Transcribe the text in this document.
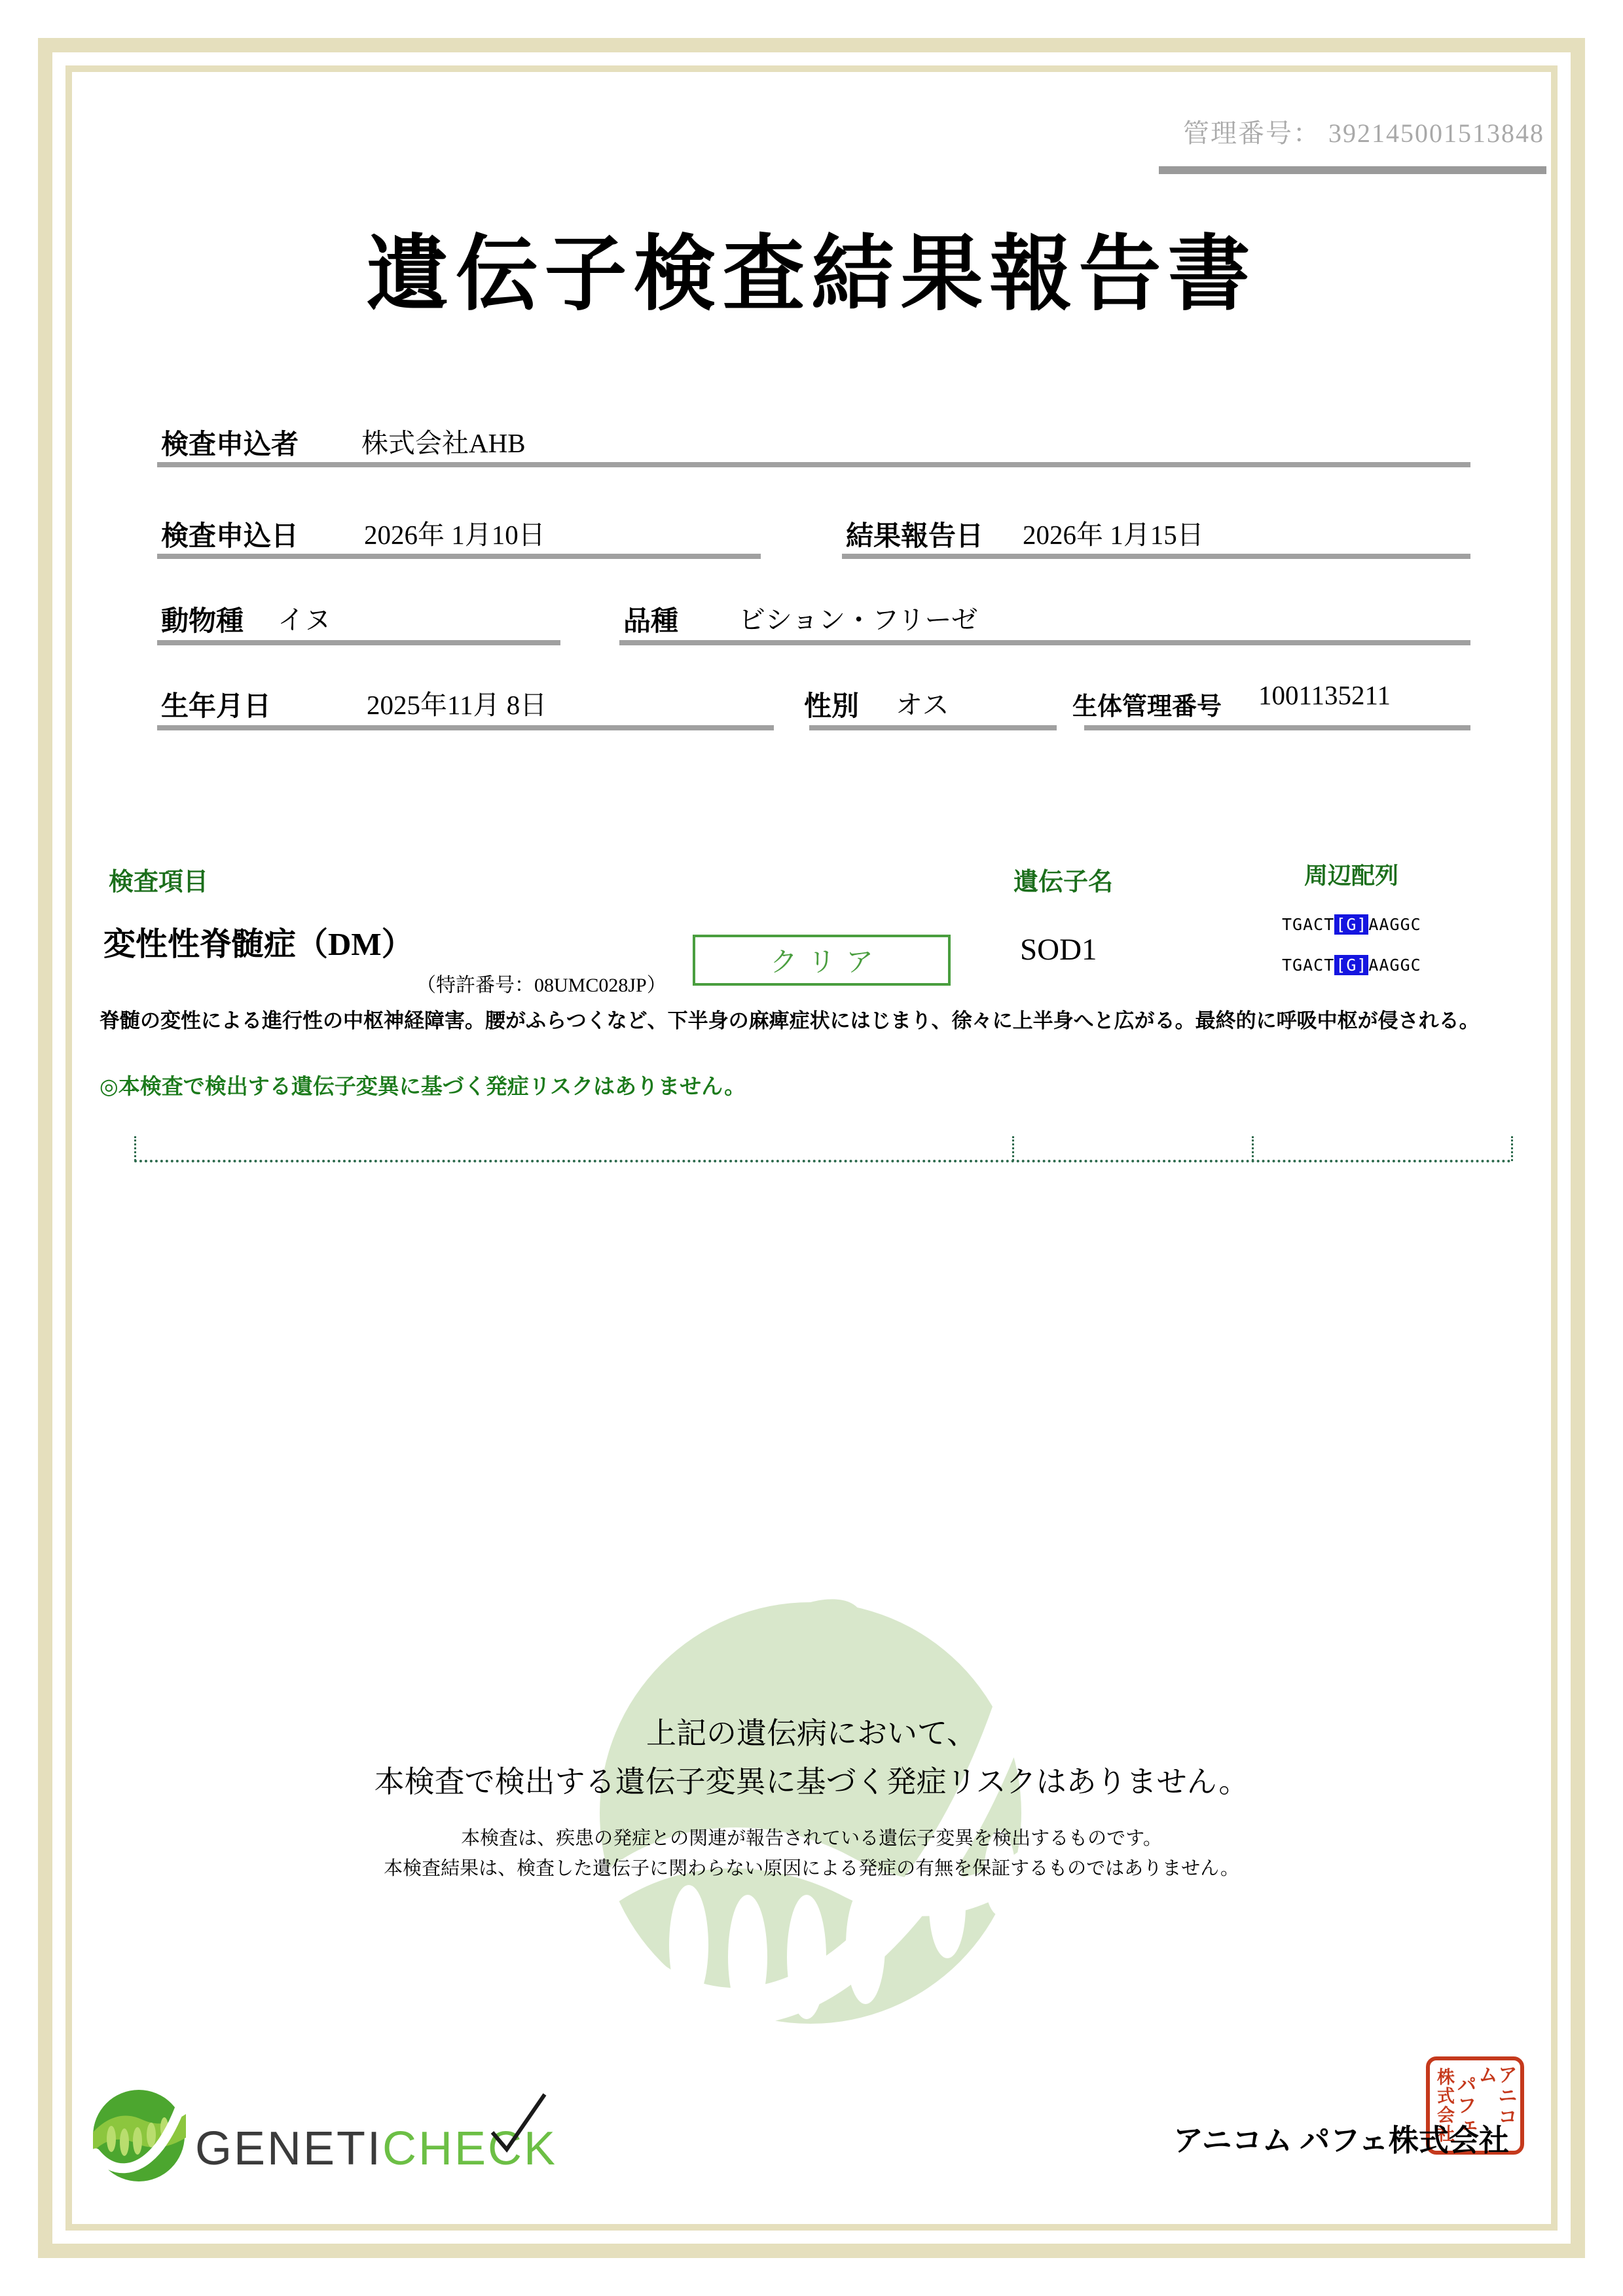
管理番号： 392145001513848
遺伝子検査結果報告書
検査申込者 株式会社AHB
検査申込日 2026年 1月10日	結果報告日 2026年 1月15日
動物種 イヌ	品種 ビション・フリーゼ
生年月日	2025年11月 8日	性別 オス	生体管理番号 1001135211
検査項目	遺伝子名	周辺配列
変性性脊髄症（DM）
（特許番号：08UMC028JP）
クリア	SOD1
TGACT[G]AAGGC
TGACT[G]AAGGC
脊髄の変性による進行性の中枢神経障害。腰がふらつくなど、下半身の麻痺症状にはじまり、徐々に上半身へと広がる。最終的に呼吸中枢が侵される。
◎本検査で検出する遺伝子変異に基づく発症リスクはありません。
上記の遺伝病において、
本検査で検出する遺伝子変異に基づく発症リスクはありません。
本検査は、疾患の発症との関連が報告されている遺伝子変異を検出するものです。
本検査結果は、検査した遺伝子に関わらない原因による発症の有無を保証するものではありません。
GENETICHECK	アニコム パフェ株式会社
株式会社 パフェ アニコム
